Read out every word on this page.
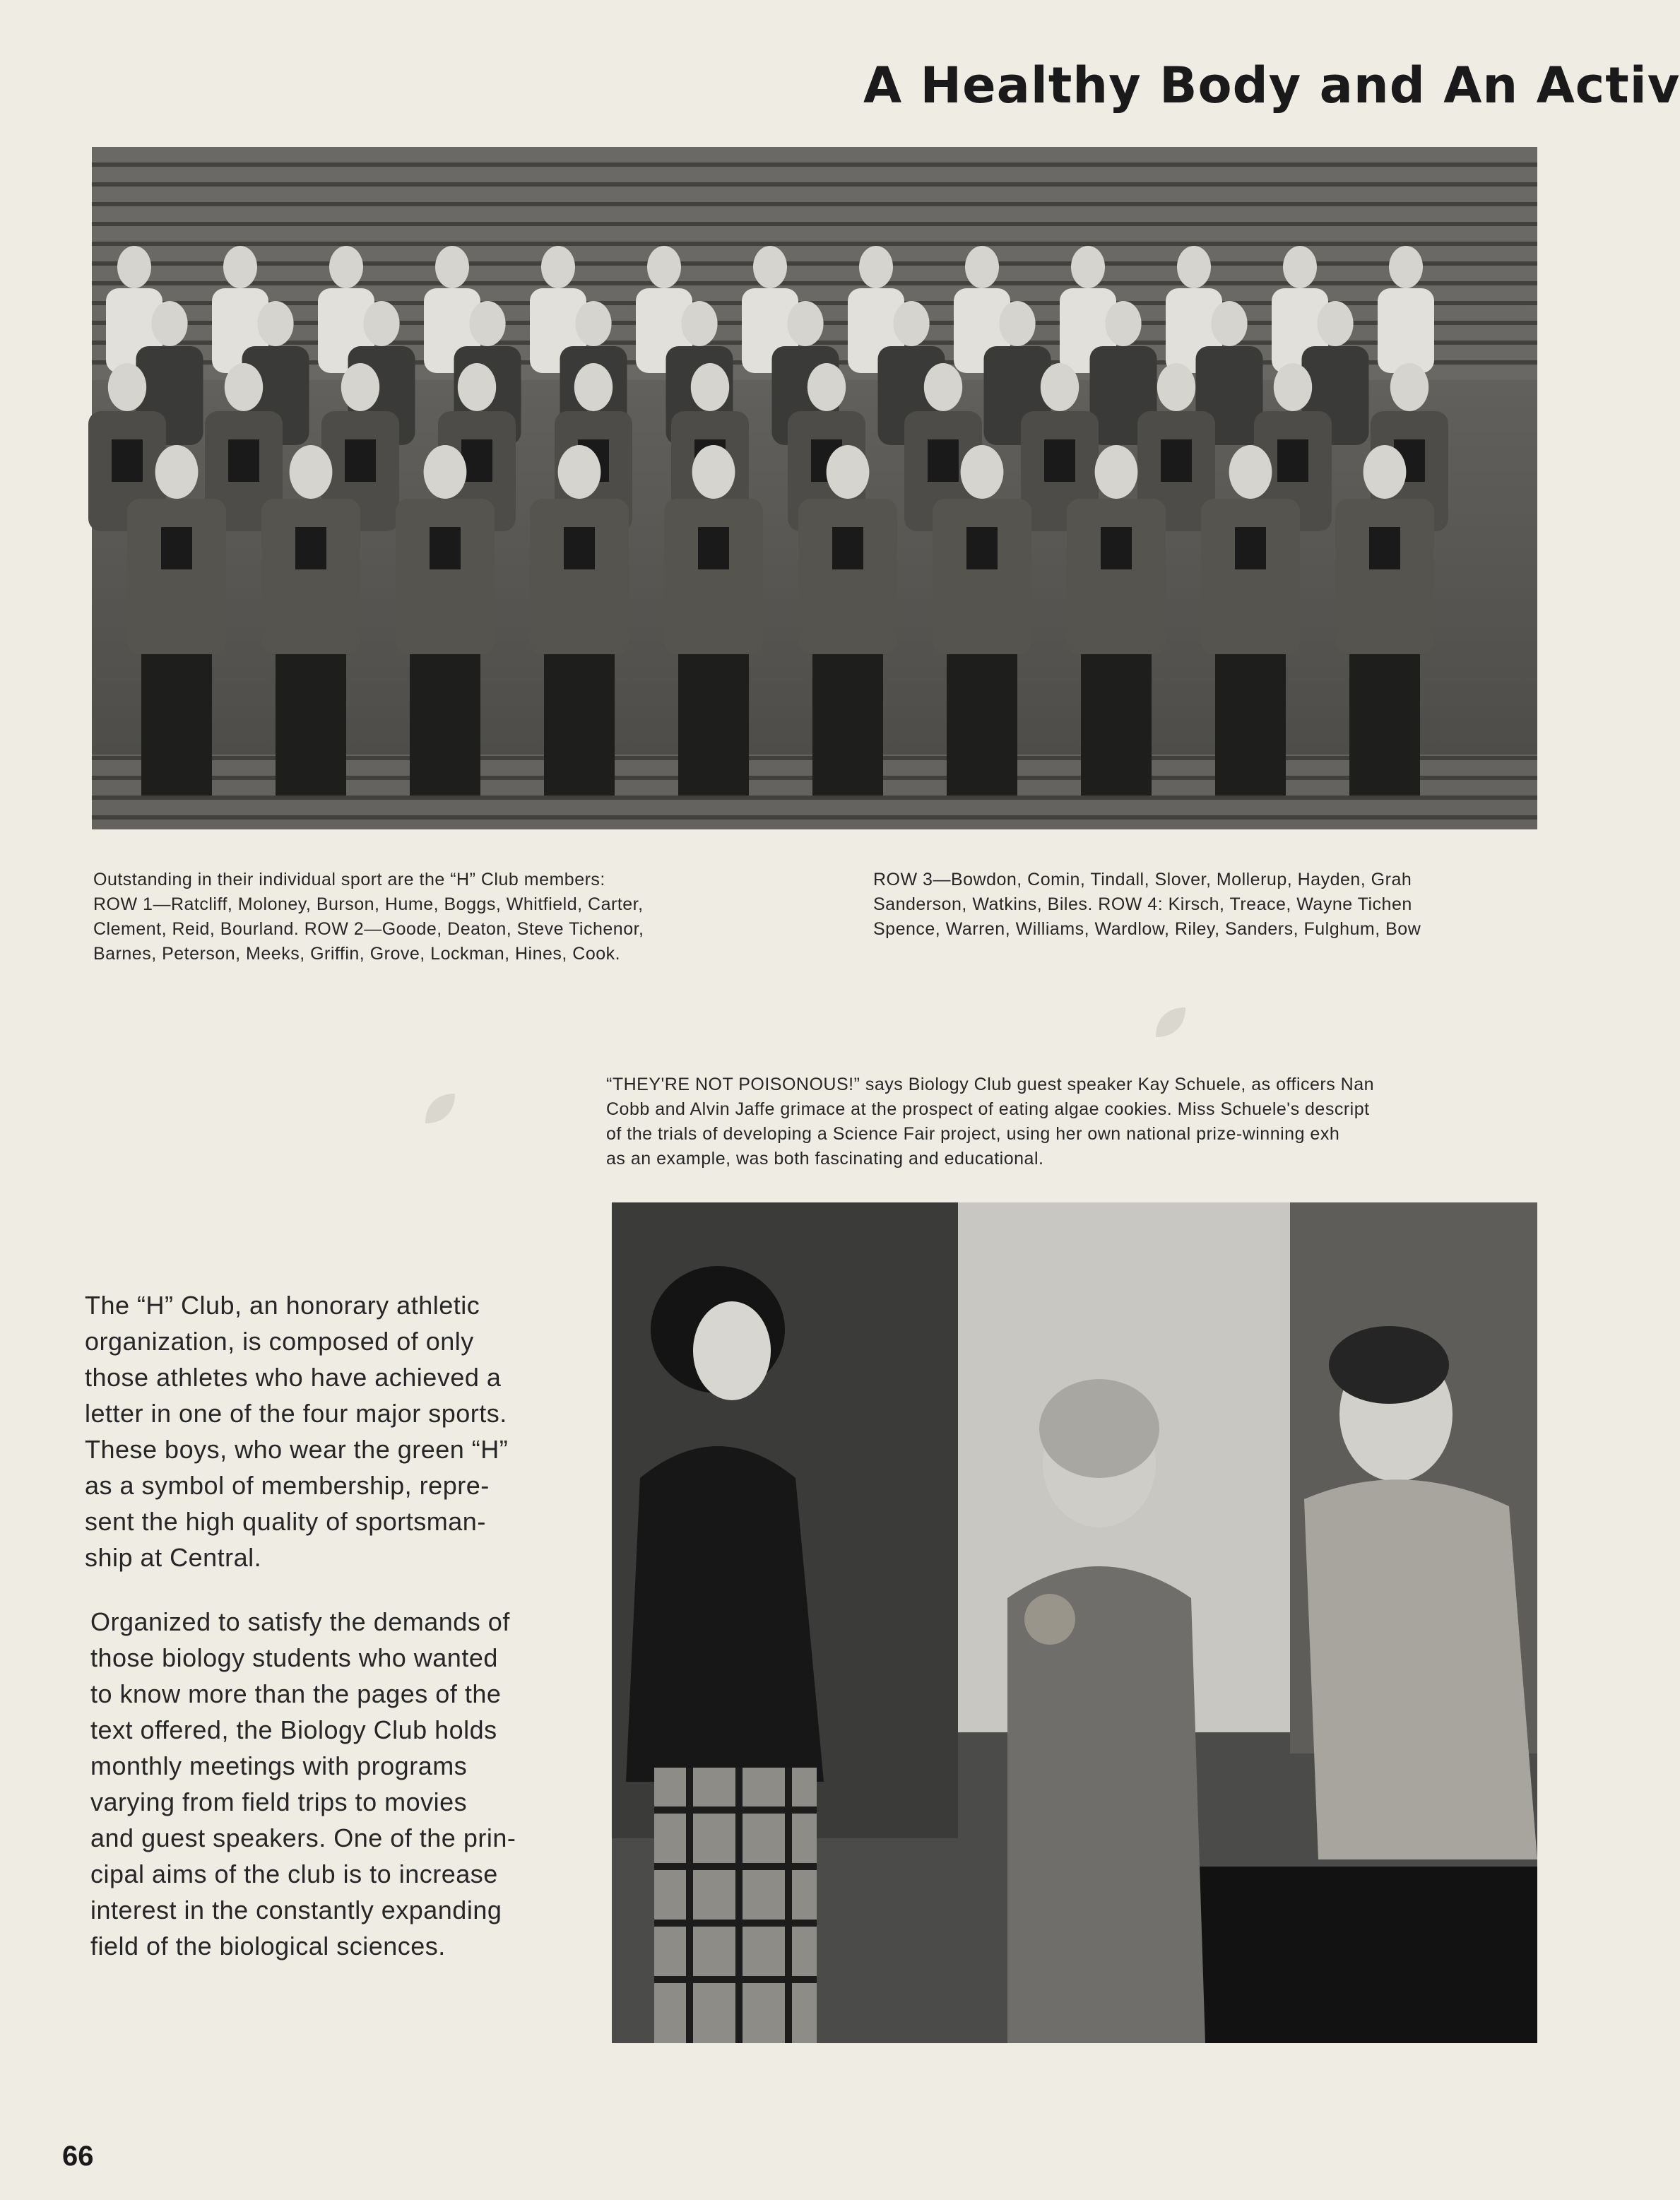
A Healthy Body and An Activ
Outstanding in their individual sport are the “H” Club members:
ROW 1—Ratcliff, Moloney, Burson, Hume, Boggs, Whitfield, Carter,
Clement, Reid, Bourland. ROW 2—Goode, Deaton, Steve Tichenor,
Barnes, Peterson, Meeks, Griffin, Grove, Lockman, Hines, Cook.
ROW 3—Bowdon, Comin, Tindall, Slover, Mollerup, Hayden, Grah
Sanderson, Watkins, Biles. ROW 4: Kirsch, Treace, Wayne Tichen
Spence, Warren, Williams, Wardlow, Riley, Sanders, Fulghum, Bow
“THEY'RE NOT POISONOUS!” says Biology Club guest speaker Kay Schuele, as officers Nan
Cobb and Alvin Jaffe grimace at the prospect of eating algae cookies. Miss Schuele's descript
of the trials of developing a Science Fair project, using her own national prize-winning exh
as an example, was both fascinating and educational.
The “H” Club, an honorary athletic
organization, is composed of only
those athletes who have achieved a
letter in one of the four major sports.
These boys, who wear the green “H”
as a symbol of membership, repre-
sent the high quality of sportsman-
ship at Central.
Organized to satisfy the demands of
those biology students who wanted
to know more than the pages of the
text offered, the Biology Club holds
monthly meetings with programs
varying from field trips to movies
and guest speakers. One of the prin-
cipal aims of the club is to increase
interest in the constantly expanding
field of the biological sciences.
66
